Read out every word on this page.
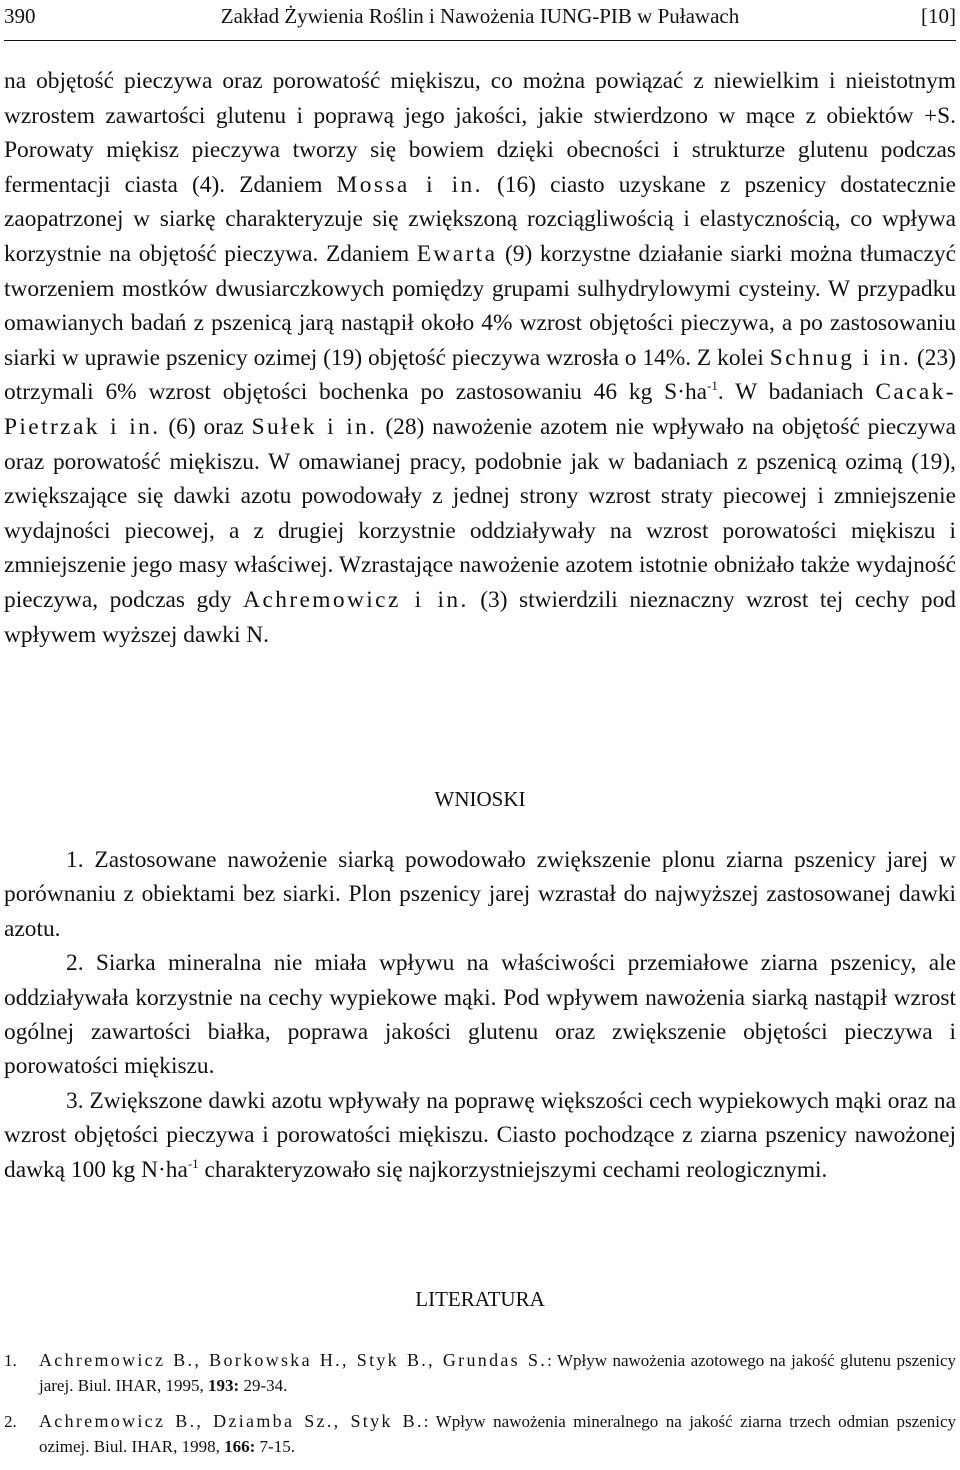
390	Zakład Żywienia Roślin i Nawożenia IUNG-PIB w Puławach	[10]

na objętość pieczywa oraz porowatość miękiszu, co można powiązać z niewielkim i nieistotnym wzrostem zawartości glutenu i poprawą jego jakości, jakie stwierdzono w mące z obiektów +S. Porowaty miękisz pieczywa tworzy się bowiem dzięki obecności i strukturze glutenu podczas fermentacji ciasta (4). Zdaniem Mossa i in. (16) ciasto uzyskane z pszenicy dostatecznie zaopatrzonej w siarkę charakteryzuje się zwiększoną rozciągliwością i elastycznością, co wpływa korzystnie na objętość pieczywa. Zdaniem Ewarta (9) korzystne działanie siarki można tłumaczyć tworzeniem mostków dwusiarczkowych pomiędzy grupami sulhydrylowymi cysteiny. W przypadku omawianych badań z pszenicą jarą nastąpił około 4% wzrost objętości pieczywa, a po zastosowaniu siarki w uprawie pszenicy ozimej (19) objętość pieczywa wzrosła o 14%. Z kolei Schnug i in. (23) otrzymali 6% wzrost objętości bochenka po zastosowaniu 46 kg $S\cdot ha^{-1}$. W badaniach Cacak-Pietrzak i in. (6) oraz Sułek i in. (28) nawożenie azotem nie wpływało na objętość pieczywa oraz porowatość miękiszu. W omawianej pracy, podobnie jak w badaniach z pszenicą ozimą (19), zwiększające się dawki azotu powodowały z jednej strony wzrost straty piecowej i zmniejszenie wydajności piecowej, a z drugiej korzystnie oddziaływały na wzrost porowatości miękiszu i zmniejszenie jego masy właściwej. Wzrastające nawożenie azotem istotnie obniżało także wydajność pieczywa, podczas gdy Achremowicz i in. (3) stwierdzili nieznaczny wzrost tej cechy pod wpływem wyższej dawki N.

WNIOSKI

1. Zastosowane nawożenie siarką powodowało zwiększenie plonu ziarna pszenicy jarej w porównaniu z obiektami bez siarki. Plon pszenicy jarej wzrastał do najwyższej zastosowanej dawki azotu.

2. Siarka mineralna nie miała wpływu na właściwości przemiałowe ziarna pszenicy, ale oddziaływała korzystnie na cechy wypiekowe mąki. Pod wpływem nawożenia siarką nastąpił wzrost ogólnej zawartości białka, poprawa jakości glutenu oraz zwiększenie objętości pieczywa i porowatości miękiszu.

3. Zwiększone dawki azotu wpływały na poprawę większości cech wypiekowych mąki oraz na wzrost objętości pieczywa i porowatości miękiszu. Ciasto pochodzące z ziarna pszenicy nawożonej dawką 100 kg $N\cdot ha^{-1}$ charakteryzowało się najkorzystniejszymi cechami reologicznymi.

LITERATURA
1.	Achremowicz B., Borkowska H., Styk B., Grundas S.: Wpływ nawożenia azotowego na jakość glutenu pszenicy jarej. Biul. IHAR, 1995, 193: 29-34.
2.	Achremowicz B., Dziamba Sz., Styk B.: Wpływ nawożenia mineralnego na jakość ziarna trzech odmian pszenicy ozimej. Biul. IHAR, 1998, 166: 7-15.
